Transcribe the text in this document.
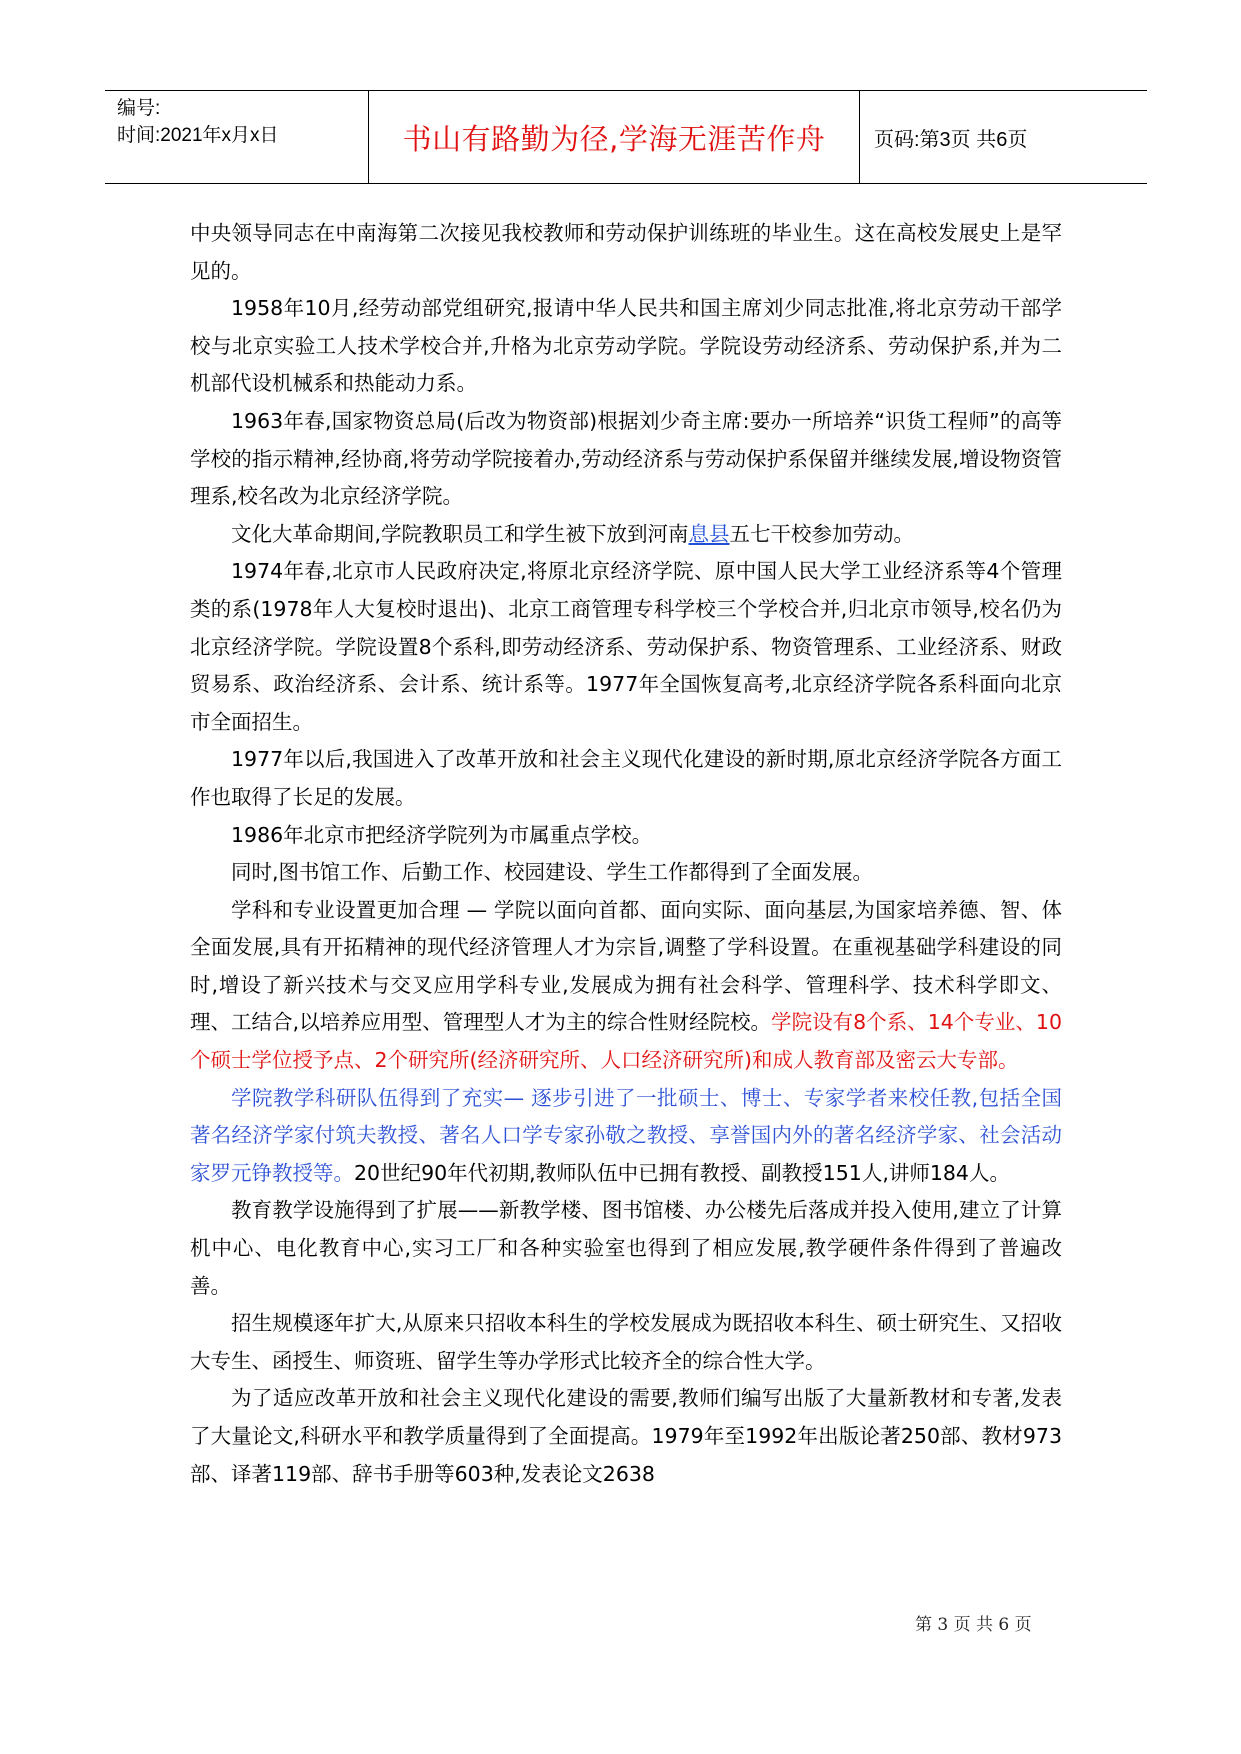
编号:
时间:2021年x月x日	书山有路勤为径,学海无涯苦作舟	页码:第3页 共6页

中央领导同志在中南海第二次接见我校教师和劳动保护训练班的毕业生。这在高校发展史上是罕见的。

1958年10月,经劳动部党组研究,报请中华人民共和国主席刘少同志批准,将北京劳动干部学校与北京实验工人技术学校合并,升格为北京劳动学院。学院设劳动经济系、劳动保护系,并为二机部代设机械系和热能动力系。

1963年春,国家物资总局(后改为物资部)根据刘少奇主席:要办一所培养“识货工程师”的高等学校的指示精神,经协商,将劳动学院接着办,劳动经济系与劳动保护系保留并继续发展,增设物资管理系,校名改为北京经济学院。

文化大革命期间,学院教职员工和学生被下放到河南息县五七干校参加劳动。

1974年春,北京市人民政府决定,将原北京经济学院、原中国人民大学工业经济系等4个管理类的系(1978年人大复校时退出)、北京工商管理专科学校三个学校合并,归北京市领导,校名仍为北京经济学院。学院设置8个系科,即劳动经济系、劳动保护系、物资管理系、工业经济系、财政贸易系、政治经济系、会计系、统计系等。1977年全国恢复高考,北京经济学院各系科面向北京市全面招生。

1977年以后,我国进入了改革开放和社会主义现代化建设的新时期,原北京经济学院各方面工作也取得了长足的发展。

1986年北京市把经济学院列为市属重点学校。

同时,图书馆工作、后勤工作、校园建设、学生工作都得到了全面发展。

学科和专业设置更加合理 — 学院以面向首都、面向实际、面向基层,为国家培养德、智、体全面发展,具有开拓精神的现代经济管理人才为宗旨,调整了学科设置。在重视基础学科建设的同时,增设了新兴技术与交叉应用学科专业,发展成为拥有社会科学、管理科学、技术科学即文、理、工结合,以培养应用型、管理型人才为主的综合性财经院校。学院设有8个系、14个专业、10个硕士学位授予点、2个研究所(经济研究所、人口经济研究所)和成人教育部及密云大专部。

学院教学科研队伍得到了充实— 逐步引进了一批硕士、博士、专家学者来校任教,包括全国著名经济学家付筑夫教授、著名人口学专家孙敬之教授、享誉国内外的著名经济学家、社会活动家罗元铮教授等。20世纪90年代初期,教师队伍中已拥有教授、副教授151人,讲师184人。

教育教学设施得到了扩展——新教学楼、图书馆楼、办公楼先后落成并投入使用,建立了计算机中心、电化教育中心,实习工厂和各种实验室也得到了相应发展,教学硬件条件得到了普遍改善。

招生规模逐年扩大,从原来只招收本科生的学校发展成为既招收本科生、硕士研究生、又招收大专生、函授生、师资班、留学生等办学形式比较齐全的综合性大学。

为了适应改革开放和社会主义现代化建设的需要,教师们编写出版了大量新教材和专著,发表了大量论文,科研水平和教学质量得到了全面提高。1979年至1992年出版论著250部、教材973部、译著119部、辞书手册等603种,发表论文2638

第 3 页 共 6 页
